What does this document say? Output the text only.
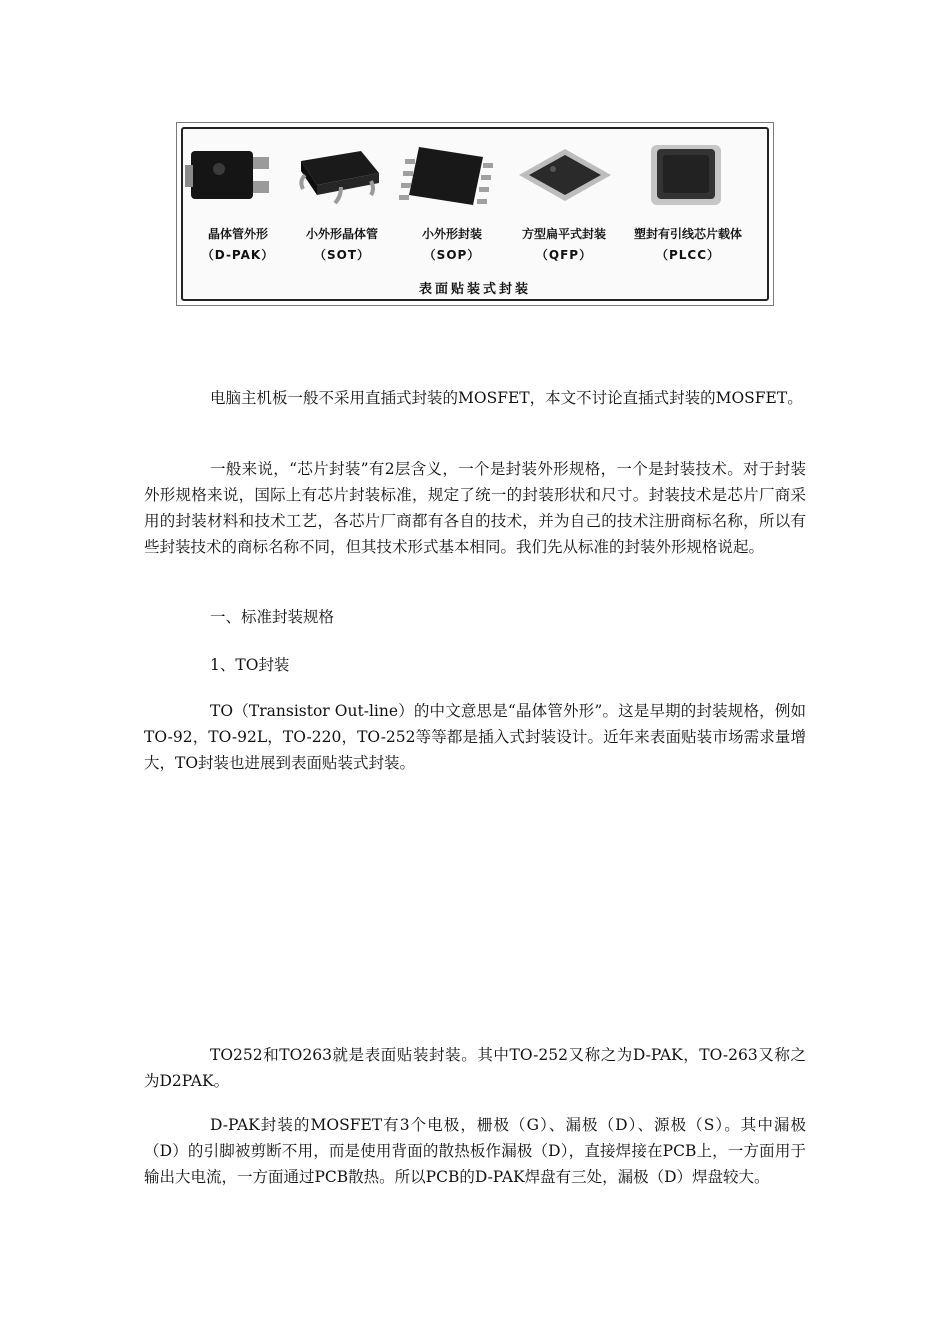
晶体管外形
（D-PAK）
小外形晶体管
（SOT）
小外形封装
（SOP）
方型扁平式封装
（QFP）
塑封有引线芯片载体
（PLCC）
表面贴装式封装

电脑主机板一般不采用直插式封装的MOSFET，本文不讨论直插式封装的MOSFET。

一般来说，“芯片封装”有2层含义，一个是封装外形规格，一个是封装技术。对于封装外形规格来说，国际上有芯片封装标准，规定了统一的封装形状和尺寸。封装技术是芯片厂商采用的封装材料和技术工艺，各芯片厂商都有各自的技术，并为自己的技术注册商标名称，所以有些封装技术的商标名称不同，但其技术形式基本相同。我们先从标准的封装外形规格说起。

一、标准封装规格

1、TO封装

TO（Transistor Out-line）的中文意思是“晶体管外形”。这是早期的封装规格，例如TO-92，TO-92L，TO-220，TO-252等等都是插入式封装设计。近年来表面贴装市场需求量增大，TO封装也进展到表面贴装式封装。

TO252和TO263就是表面贴装封装。其中TO-252又称之为D-PAK，TO-263又称之为D2PAK。

D-PAK封装的MOSFET有3个电极，栅极（G）、漏极（D）、源极（S）。其中漏极（D）的引脚被剪断不用，而是使用背面的散热板作漏极（D），直接焊接在PCB上，一方面用于输出大电流，一方面通过PCB散热。所以PCB的D-PAK焊盘有三处，漏极（D）焊盘较大。
